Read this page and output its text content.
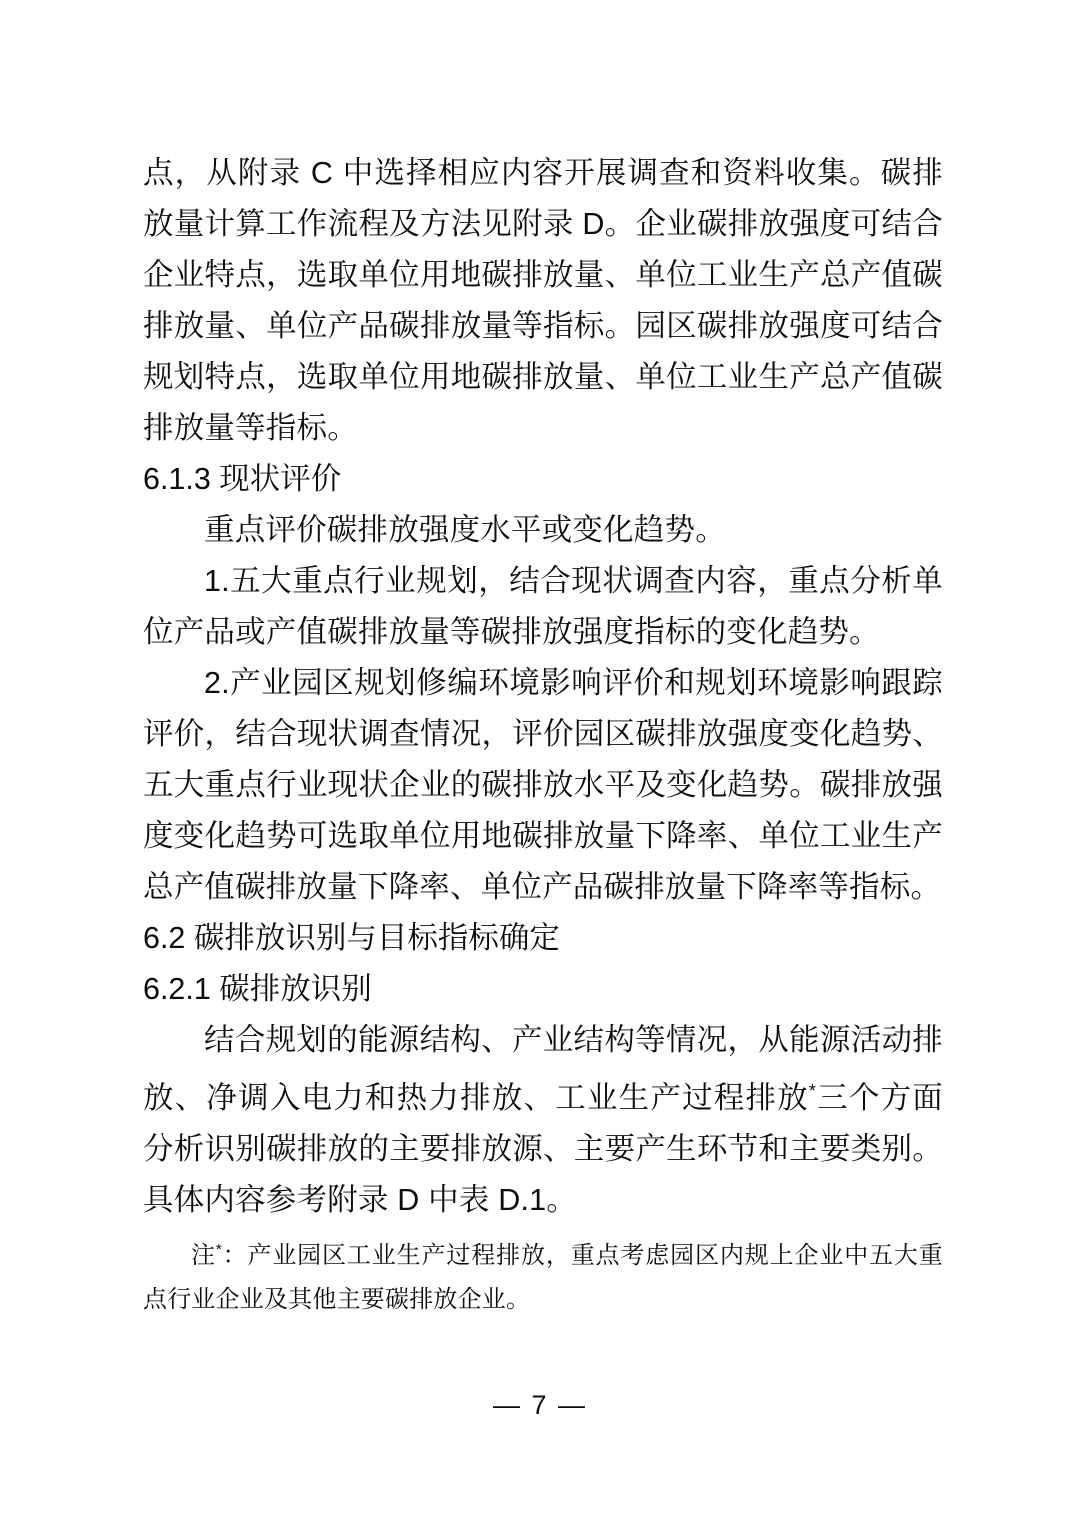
点，从附录 C 中选择相应内容开展调查和资料收集。碳排放量计算工作流程及方法见附录 D。企业碳排放强度可结合企业特点，选取单位用地碳排放量、单位工业生产总产值碳排放量、单位产品碳排放量等指标。园区碳排放强度可结合规划特点，选取单位用地碳排放量、单位工业生产总产值碳排放量等指标。

6.1.3 现状评价

重点评价碳排放强度水平或变化趋势。

1.五大重点行业规划，结合现状调查内容，重点分析单位产品或产值碳排放量等碳排放强度指标的变化趋势。

2.产业园区规划修编环境影响评价和规划环境影响跟踪评价，结合现状调查情况，评价园区碳排放强度变化趋势、五大重点行业现状企业的碳排放水平及变化趋势。碳排放强度变化趋势可选取单位用地碳排放量下降率、单位工业生产总产值碳排放量下降率、单位产品碳排放量下降率等指标。

6.2 碳排放识别与目标指标确定
6.2.1 碳排放识别

结合规划的能源结构、产业结构等情况，从能源活动排放、净调入电力和热力排放、工业生产过程排放*三个方面分析识别碳排放的主要排放源、主要产生环节和主要类别。具体内容参考附录 D 中表 D.1。

注*：产业园区工业生产过程排放，重点考虑园区内规上企业中五大重点行业企业及其他主要碳排放企业。

— 7 —
